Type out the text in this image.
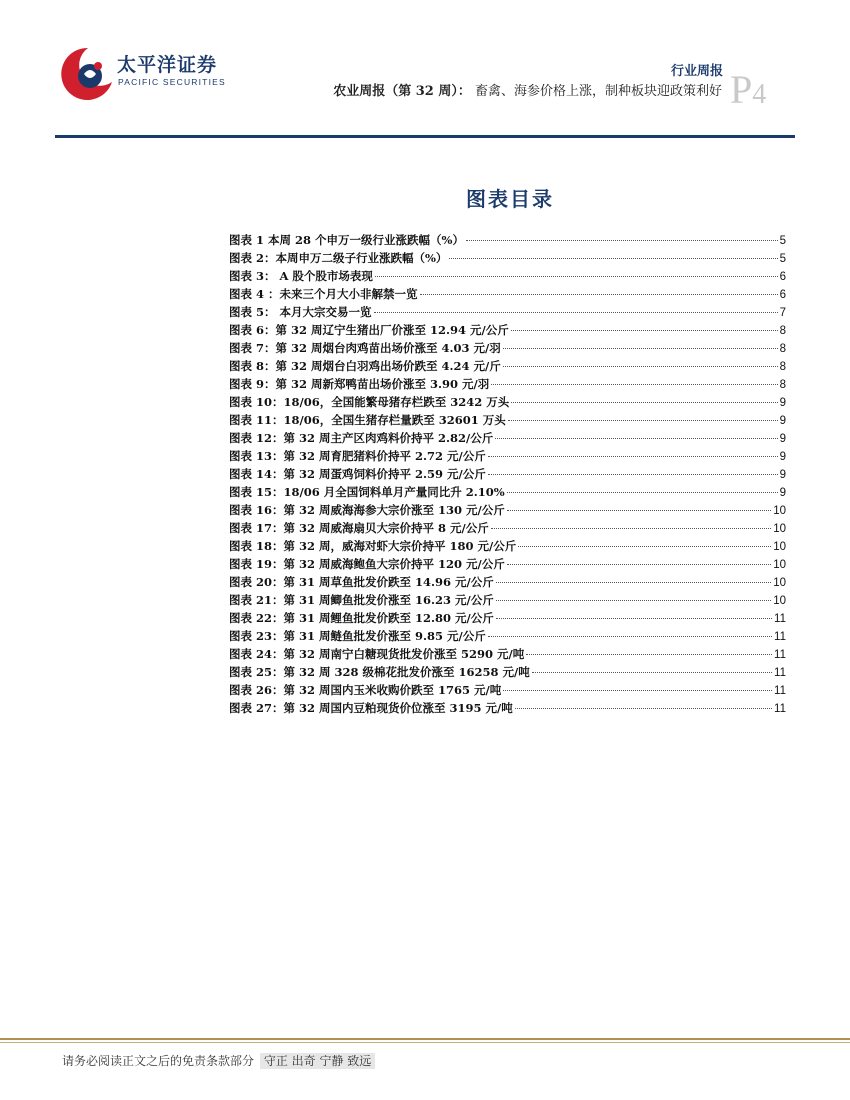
太平洋证券
PACIFIC SECURITIES
行业周报
农业周报（第 32 周）： 畜禽、海参价格上涨，制种板块迎政策利好 P4
图表目录
图表 1 本周 28 个申万一级行业涨跌幅（%）	5
图表 2：本周申万二级子行业涨跌幅（%）	5
图表 3： A 股个股市场表现	6
图表 4 ：未来三个月大小非解禁一览	6
图表 5： 本月大宗交易一览	7
图表 6：第 32 周辽宁生猪出厂价涨至 12.94 元/公斤	8
图表 7：第 32 周烟台肉鸡苗出场价涨至 4.03 元/羽	8
图表 8：第 32 周烟台白羽鸡出场价跌至 4.24 元/斤	8
图表 9：第 32 周新郑鸭苗出场价涨至 3.90 元/羽	8
图表 10：18/06，全国能繁母猪存栏跌至 3242 万头	9
图表 11：18/06，全国生猪存栏量跌至 32601 万头	9
图表 12：第 32 周主产区肉鸡料价持平 2.82/公斤	9
图表 13：第 32 周育肥猪料价持平 2.72 元/公斤	9
图表 14：第 32 周蛋鸡饲料价持平 2.59 元/公斤	9
图表 15：18/06 月全国饲料单月产量同比升 2.10%	9
图表 16：第 32 周威海海参大宗价涨至 130 元/公斤	10
图表 17：第 32 周威海扇贝大宗价持平 8 元/公斤	10
图表 18：第 32 周，威海对虾大宗价持平 180 元/公斤	10
图表 19：第 32 周威海鲍鱼大宗价持平 120 元/公斤	10
图表 20：第 31 周草鱼批发价跌至 14.96 元/公斤	10
图表 21：第 31 周鲫鱼批发价涨至 16.23 元/公斤	10
图表 22：第 31 周鲤鱼批发价跌至 12.80 元/公斤	11
图表 23：第 31 周鲢鱼批发价涨至 9.85 元/公斤	11
图表 24：第 32 周南宁白糖现货批发价涨至 5290 元/吨	11
图表 25：第 32 周 328 级棉花批发价涨至 16258 元/吨	11
图表 26：第 32 周国内玉米收购价跌至 1765 元/吨	11
图表 27：第 32 周国内豆粕现货价位涨至 3195 元/吨	11
请务必阅读正文之后的免责条款部分 守正 出奇 宁静 致远
